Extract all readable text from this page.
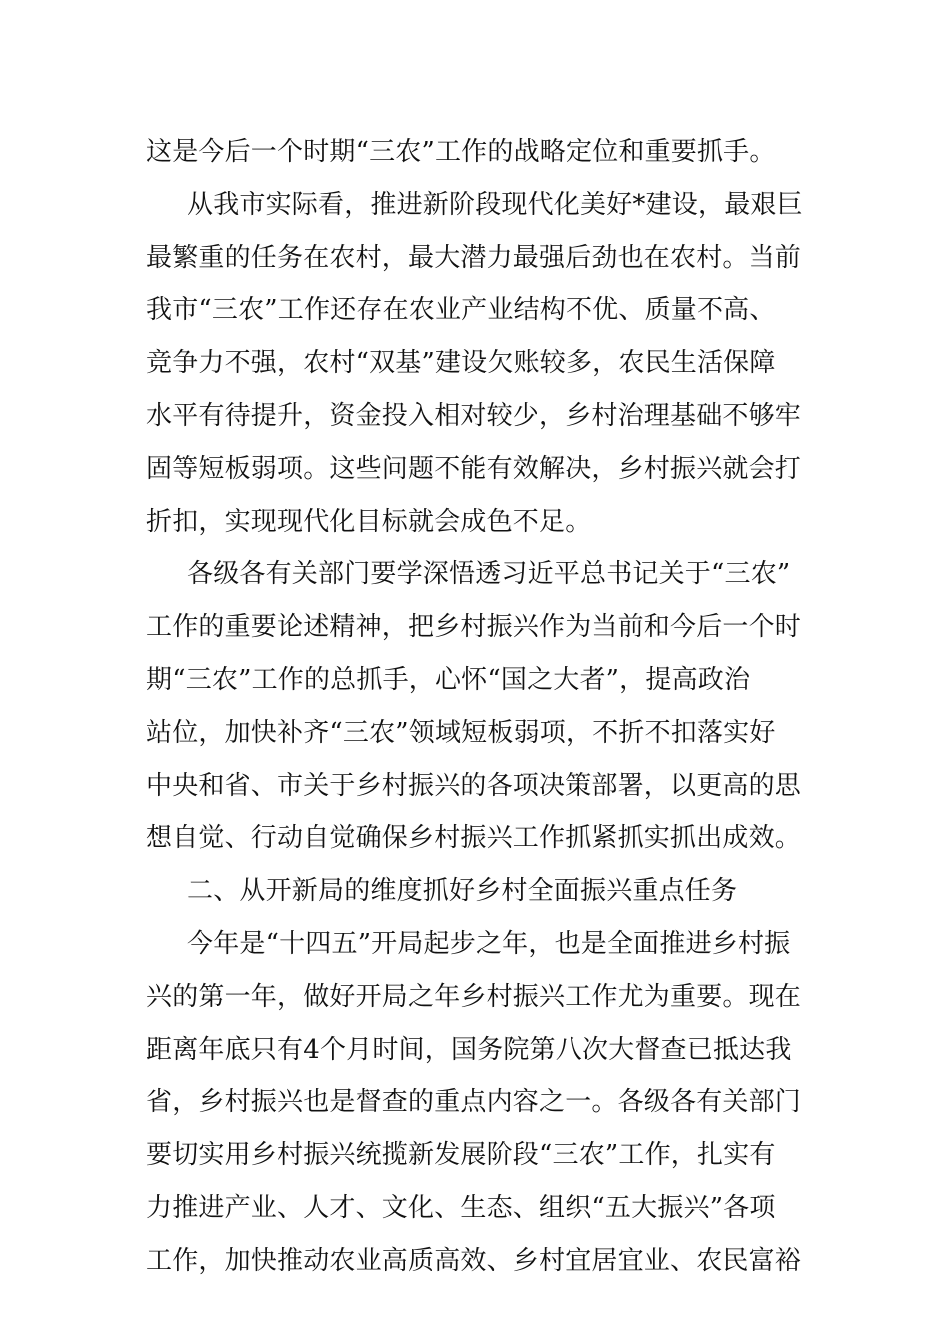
这是今后一个时期“三农”工作的战略定位和重要抓手。
从我市实际看，推进新阶段现代化美好*建设，最艰巨
最繁重的任务在农村，最大潜力最强后劲也在农村。当前
我市“三农”工作还存在农业产业结构不优、质量不高、
竞争力不强，农村“双基”建设欠账较多，农民生活保障
水平有待提升，资金投入相对较少，乡村治理基础不够牢
固等短板弱项。这些问题不能有效解决，乡村振兴就会打
折扣，实现现代化目标就会成色不足。
各级各有关部门要学深悟透习近平总书记关于“三农”
工作的重要论述精神，把乡村振兴作为当前和今后一个时
期“三农”工作的总抓手，心怀“国之大者”，提高政治
站位，加快补齐“三农”领域短板弱项，不折不扣落实好
中央和省、市关于乡村振兴的各项决策部署，以更高的思
想自觉、行动自觉确保乡村振兴工作抓紧抓实抓出成效。
二、从开新局的维度抓好乡村全面振兴重点任务
今年是“十四五”开局起步之年，也是全面推进乡村振
兴的第一年，做好开局之年乡村振兴工作尤为重要。现在
距离年底只有4个月时间，国务院第八次大督查已抵达我
省，乡村振兴也是督查的重点内容之一。各级各有关部门
要切实用乡村振兴统揽新发展阶段“三农”工作，扎实有
力推进产业、人才、文化、生态、组织“五大振兴”各项
工作，加快推动农业高质高效、乡村宜居宜业、农民富裕
